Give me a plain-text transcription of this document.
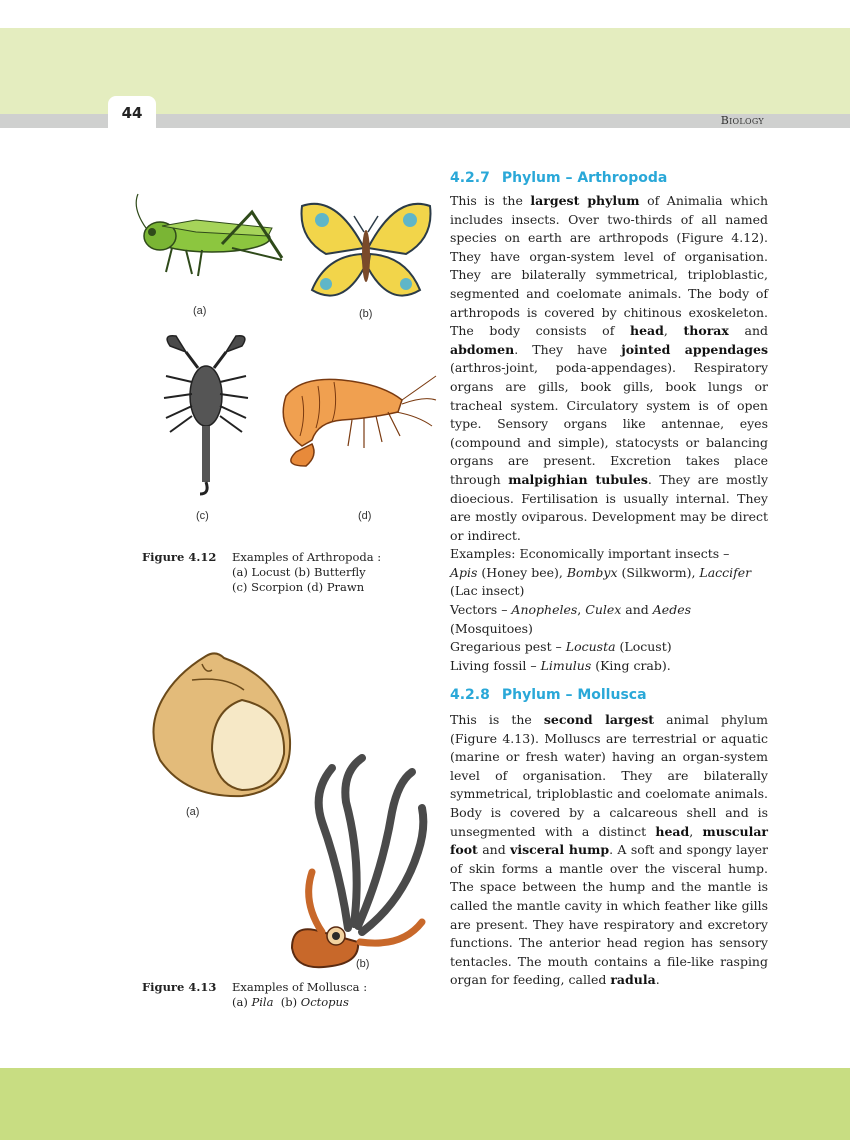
44	Biology
(a)	(b)
(c)	(d)
Figure 4.12 Examples of Arthropoda :
(a) Locust (b) Butterfly
(c) Scorpion (d) Prawn
(a)
(b)
Figure 4.13 Examples of Mollusca :
(a) Pila  (b) Octopus
4.2.7 Phylum – Arthropoda

This is the largest phylum of Animalia which includes insects. Over two-thirds of all named species on earth are arthropods (Figure 4.12). They have organ-system level of organisation. They are bilaterally symmetrical, triploblastic, segmented and coelomate animals. The body of arthropods is covered by chitinous exoskeleton. The body consists of head, thorax and abdomen. They have jointed appendages (arthros-joint, poda-appendages). Respiratory organs are gills, book gills, book lungs or tracheal system. Circulatory system is of open type. Sensory organs like antennae, eyes (compound and simple), statocysts or balancing organs are present. Excretion takes place through malpighian tubules. They are mostly dioecious. Fertilisation is usually internal. They are mostly oviparous. Development may be direct or indirect.

Examples: Economically important insects –
Apis (Honey bee), Bombyx (Silkworm), Laccifer
(Lac insect)
Vectors – Anopheles, Culex and Aedes
(Mosquitoes)
Gregarious pest – Locusta (Locust)
Living fossil – Limulus (King crab).
4.2.8 Phylum – Mollusca

This is the second largest animal phylum (Figure 4.13). Molluscs are terrestrial or aquatic (marine or fresh water) having an organ-system level of organisation. They are bilaterally symmetrical, triploblastic and coelomate animals. Body is covered by a calcareous shell and is unsegmented with a distinct head, muscular foot and visceral hump. A soft and spongy layer of skin forms a mantle over the visceral hump. The space between the hump and the mantle is called the mantle cavity in which feather like gills are present. They have respiratory and excretory functions. The anterior head region has sensory tentacles. The mouth contains a file-like rasping organ for feeding, called radula.
